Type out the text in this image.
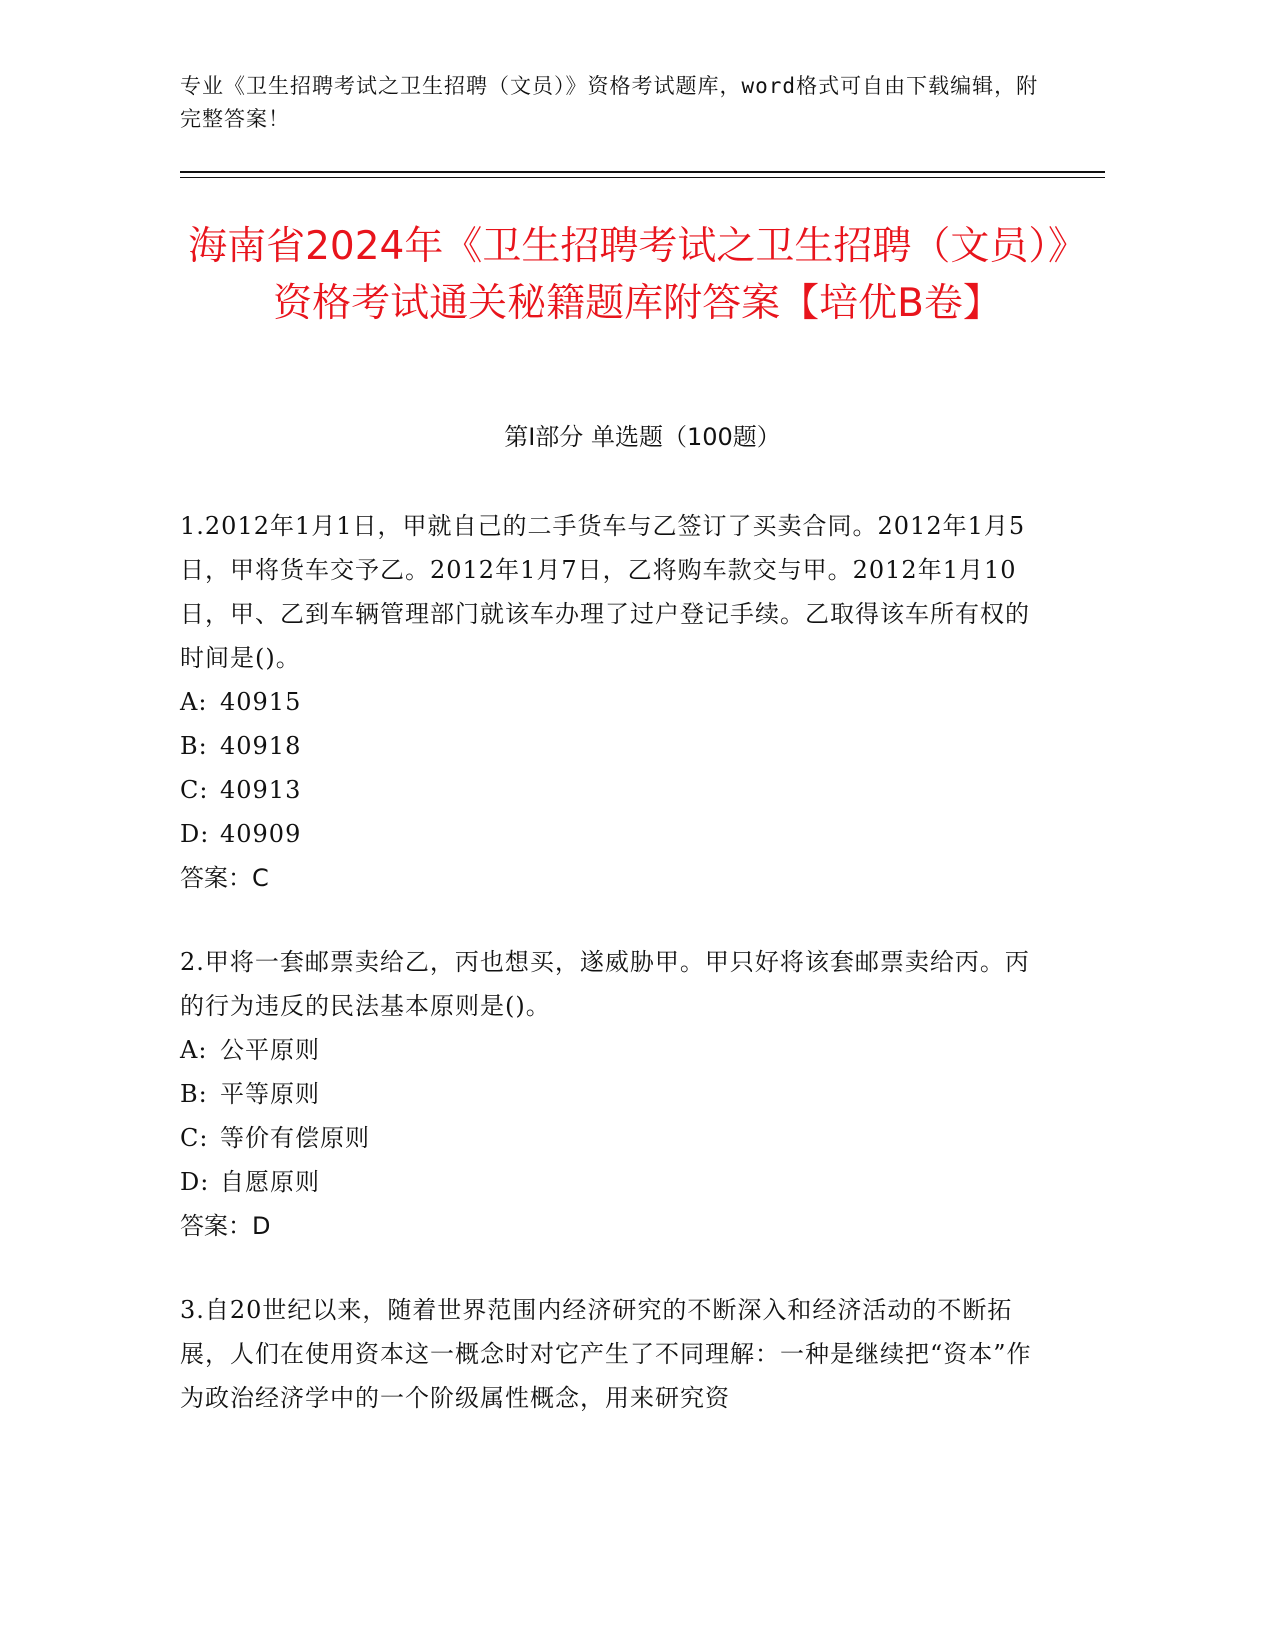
专业《卫生招聘考试之卫生招聘（文员）》资格考试题库，word格式可自由下载编辑，附完整答案！
海南省2024年《卫生招聘考试之卫生招聘（文员）》资格考试通关秘籍题库附答案【培优B卷】
第I部分 单选题（100题）

1.2012年1月1日，甲就自己的二手货车与乙签订了买卖合同。2012年1月5日，甲将货车交予乙。2012年1月7日，乙将购车款交与甲。2012年1月10日，甲、乙到车辆管理部门就该车办理了过户登记手续。乙取得该车所有权的时间是()。

A: 40915
B: 40918
C: 40913
D: 40909
答案：C

2.甲将一套邮票卖给乙，丙也想买，遂威胁甲。甲只好将该套邮票卖给丙。丙的行为违反的民法基本原则是()。

A: 公平原则
B: 平等原则
C: 等价有偿原则
D: 自愿原则
答案：D

3.自20世纪以来，随着世界范围内经济研究的不断深入和经济活动的不断拓展，人们在使用资本这一概念时对它产生了不同理解：一种是继续把“资本”作为政治经济学中的一个阶级属性概念，用来研究资
